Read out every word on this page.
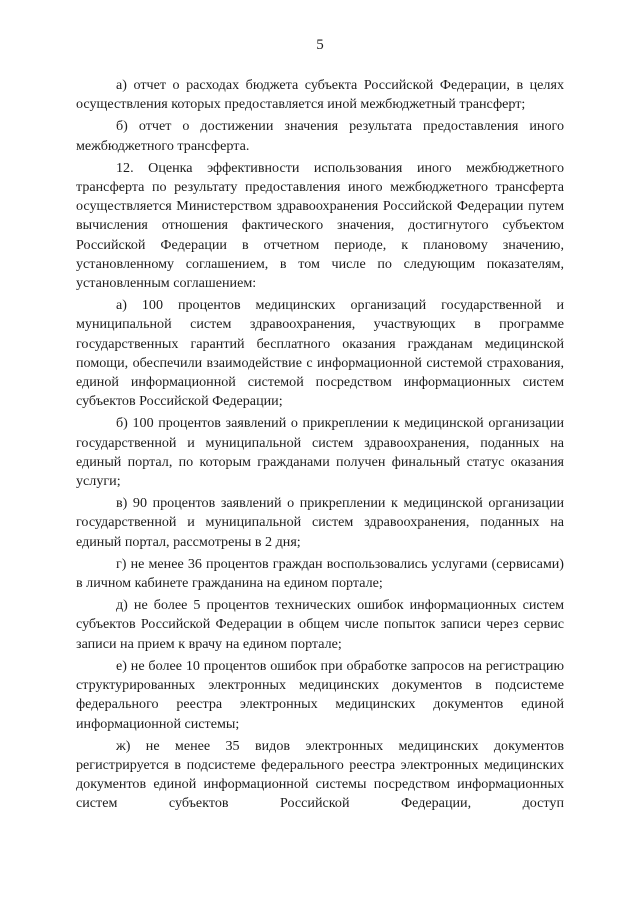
5

а) отчет о расходах бюджета субъекта Российской Федерации, в целях осуществления которых предоставляется иной межбюджетный трансферт;

б) отчет о достижении значения результата предоставления иного межбюджетного трансферта.

12. Оценка эффективности использования иного межбюджетного трансферта по результату предоставления иного межбюджетного трансферта осуществляется Министерством здравоохранения Российской Федерации путем вычисления отношения фактического значения, достигнутого субъектом Российской Федерации в отчетном периоде, к плановому значению, установленному соглашением, в том числе по следующим показателям, установленным соглашением:

а) 100 процентов медицинских организаций государственной и муниципальной систем здравоохранения, участвующих в программе государственных гарантий бесплатного оказания гражданам медицинской помощи, обеспечили взаимодействие с информационной системой страхования, единой информационной системой посредством информационных систем субъектов Российской Федерации;

б) 100 процентов заявлений о прикреплении к медицинской организации государственной и муниципальной систем здравоохранения, поданных на единый портал, по которым гражданами получен финальный статус оказания услуги;

в) 90 процентов заявлений о прикреплении к медицинской организации государственной и муниципальной систем здравоохранения, поданных на единый портал, рассмотрены в 2 дня;

г) не менее 36 процентов граждан воспользовались услугами (сервисами) в личном кабинете гражданина на едином портале;

д) не более 5 процентов технических ошибок информационных систем субъектов Российской Федерации в общем числе попыток записи через сервис записи на прием к врачу на едином портале;

е) не более 10 процентов ошибок при обработке запросов на регистрацию структурированных электронных медицинских документов в подсистеме федерального реестра электронных медицинских документов единой информационной системы;

ж) не менее 35 видов электронных медицинских документов регистрируется в подсистеме федерального реестра электронных медицинских документов единой информационной системы посредством информационных систем субъектов Российской Федерации, доступ
